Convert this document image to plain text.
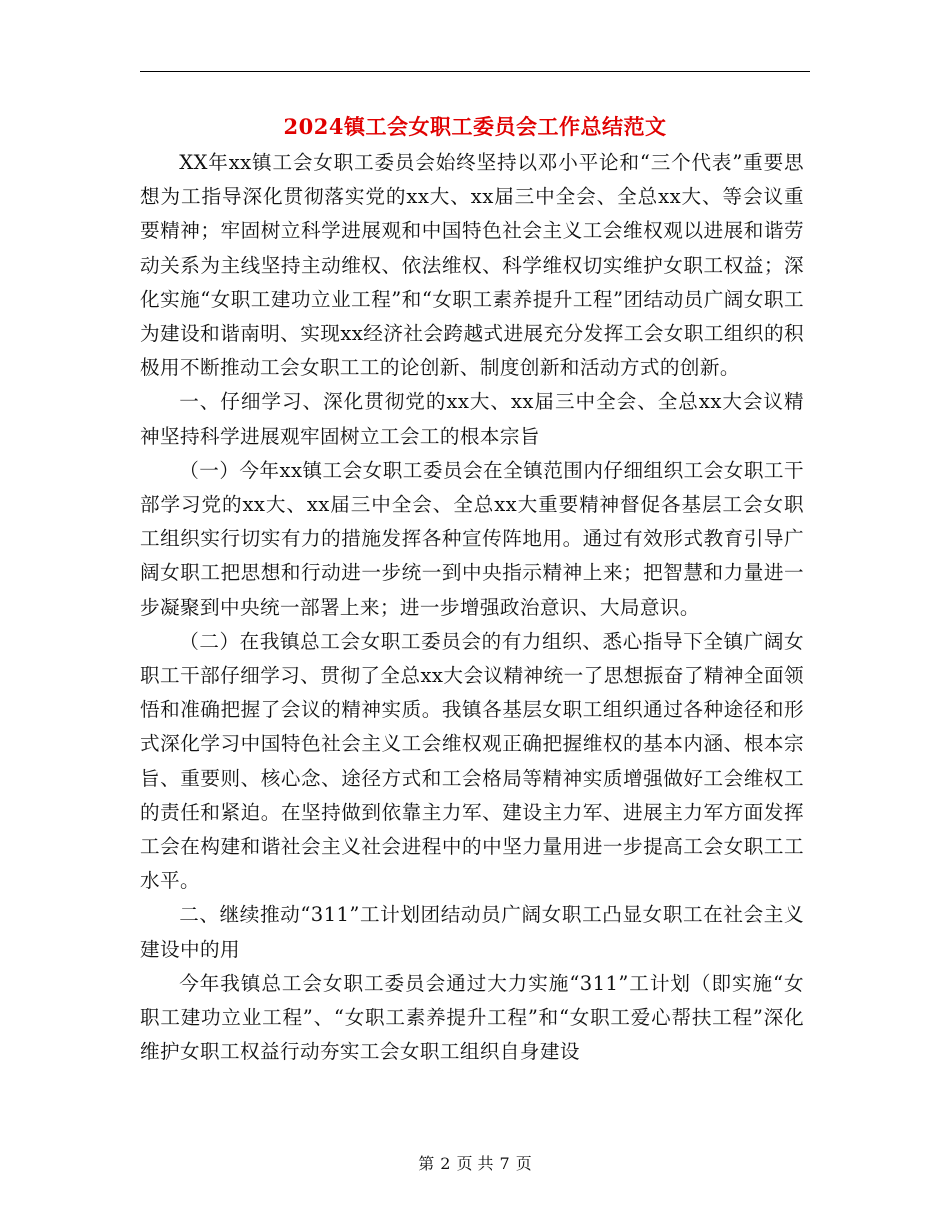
2024镇工会女职工委员会工作总结范文

XX年xx镇工会女职工委员会始终坚持以邓小平论和“三个代表”重要思想为工指导深化贯彻落实党的xx大、xx届三中全会、全总xx大、等会议重要精神；牢固树立科学进展观和中国特色社会主义工会维权观以进展和谐劳动关系为主线坚持主动维权、依法维权、科学维权切实维护女职工权益；深化实施“女职工建功立业工程”和“女职工素养提升工程”团结动员广阔女职工为建设和谐南明、实现xx经济社会跨越式进展充分发挥工会女职工组织的积极用不断推动工会女职工工的论创新、制度创新和活动方式的创新。

一、仔细学习、深化贯彻党的xx大、xx届三中全会、全总xx大会议精神坚持科学进展观牢固树立工会工的根本宗旨

（一）今年xx镇工会女职工委员会在全镇范围内仔细组织工会女职工干部学习党的xx大、xx届三中全会、全总xx大重要精神督促各基层工会女职工组织实行切实有力的措施发挥各种宣传阵地用。通过有效形式教育引导广阔女职工把思想和行动进一步统一到中央指示精神上来；把智慧和力量进一步凝聚到中央统一部署上来；进一步增强政治意识、大局意识。

（二）在我镇总工会女职工委员会的有力组织、悉心指导下全镇广阔女职工干部仔细学习、贯彻了全总xx大会议精神统一了思想振奋了精神全面领悟和准确把握了会议的精神实质。我镇各基层女职工组织通过各种途径和形式深化学习中国特色社会主义工会维权观正确把握维权的基本内涵、根本宗旨、重要则、核心念、途径方式和工会格局等精神实质增强做好工会维权工的责任和紧迫。在坚持做到依靠主力军、建设主力军、进展主力军方面发挥工会在构建和谐社会主义社会进程中的中坚力量用进一步提高工会女职工工水平。

二、继续推动“311”工计划团结动员广阔女职工凸显女职工在社会主义建设中的用

今年我镇总工会女职工委员会通过大力实施“311”工计划（即实施“女职工建功立业工程”、“女职工素养提升工程”和“女职工爱心帮扶工程”深化维护女职工权益行动夯实工会女职工组织自身建设

第 2 页 共 7 页
